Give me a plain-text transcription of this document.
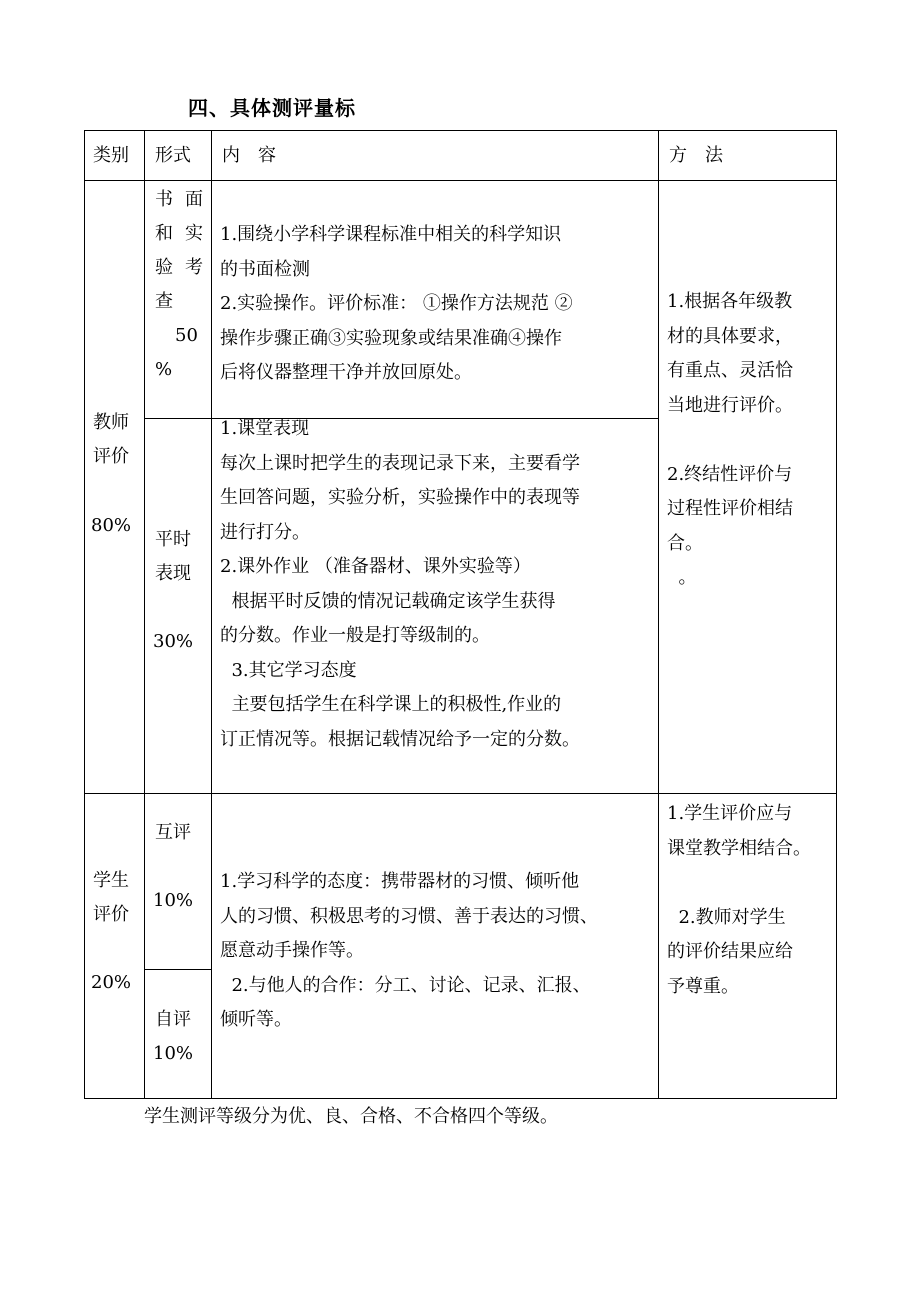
四、具体测评量标
类别 形式 内　容	方　法
教师
评价
80%
书面
和实
验考
查
50
%
1.围绕小学科学课程标准中相关的科学知识
的书面检测
2.实验操作。评价标准： ①操作方法规范 ②
操作步骤正确③实验现象或结果准确④操作
后将仪器整理干净并放回原处。
平时
表现
30%
1.课堂表现
每次上课时把学生的表现记录下来，主要看学
生回答问题，实验分析，实验操作中的表现等
进行打分。
2.课外作业 （准备器材、课外实验等）
根据平时反馈的情况记载确定该学生获得
的分数。作业一般是打等级制的。
3.其它学习态度
主要包括学生在科学课上的积极性,作业的
订正情况等。根据记载情况给予一定的分数。
1.根据各年级教
材的具体要求，
有重点、灵活恰
当地进行评价。

2.终结性评价与
过程性评价相结
合。
。
学生
评价
20%
互评
10%
自评
10%
1.学习科学的态度：携带器材的习惯、倾听他
人的习惯、积极思考的习惯、善于表达的习惯、
愿意动手操作等。
2.与他人的合作：分工、讨论、记录、汇报、
倾听等。
1.学生评价应与
课堂教学相结合。

2.教师对学生
的评价结果应给
予尊重。
学生测评等级分为优、良、合格、不合格四个等级。
